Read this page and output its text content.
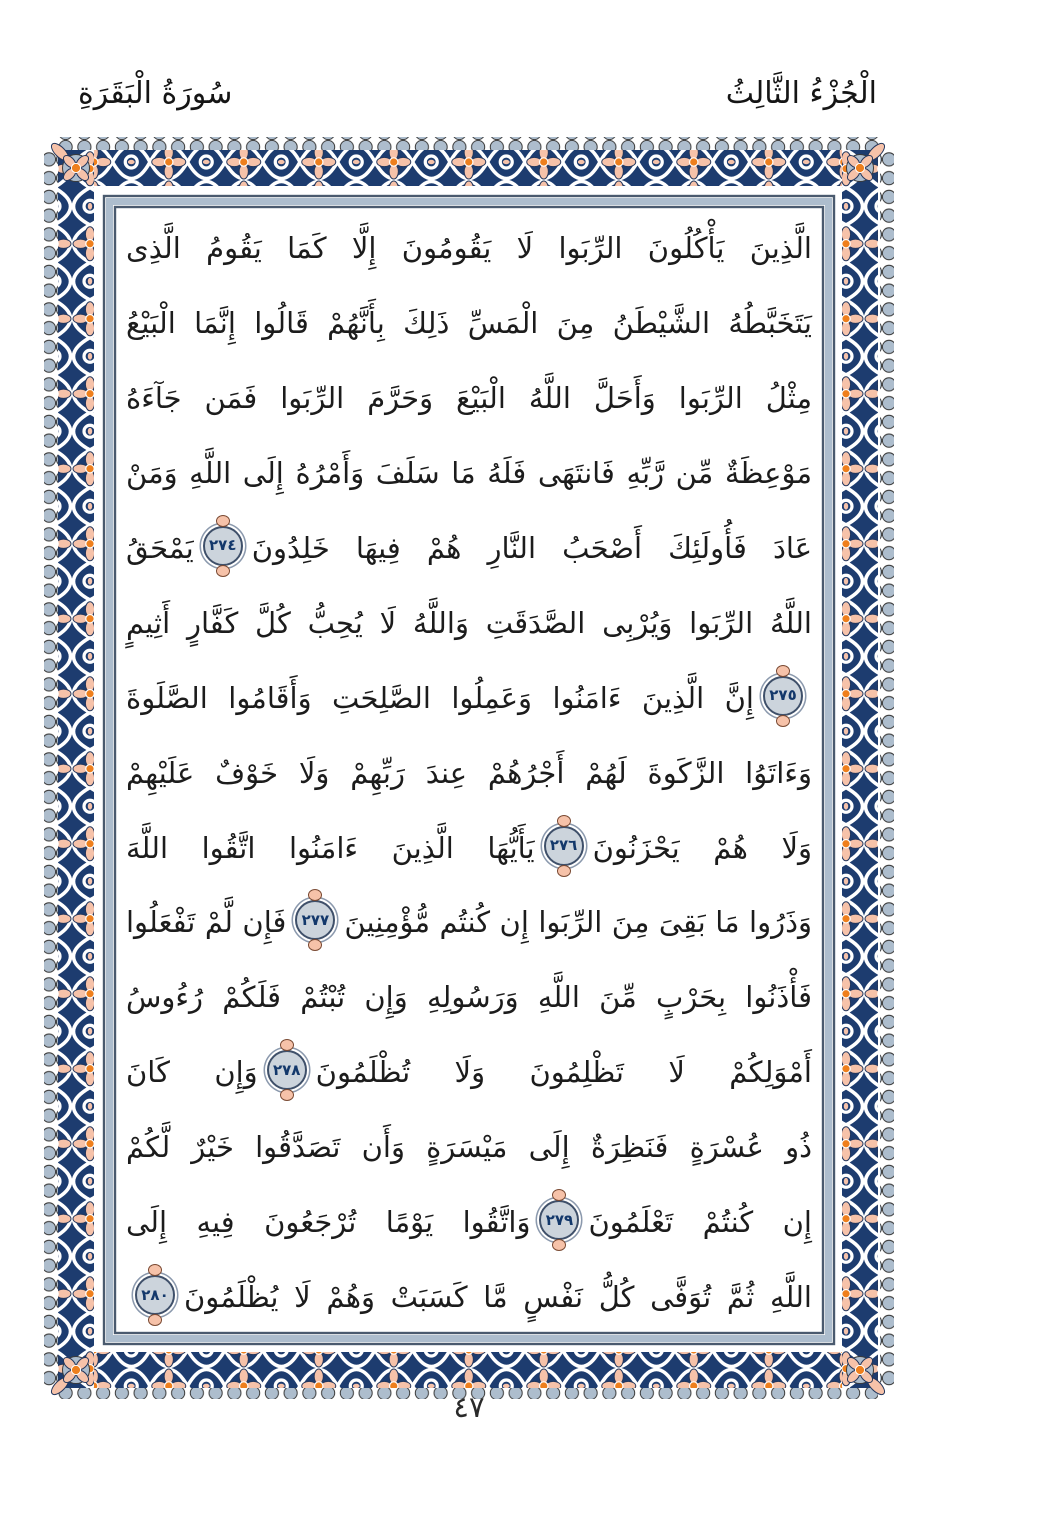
سُورَةُ الْبَقَرَةِ	الْجُزْءُ الثَّالِثُ
الَّذِينَ يَأْكُلُونَ الرِّبَوا لَا يَقُومُونَ إِلَّا كَمَا يَقُومُ الَّذِى
يَتَخَبَّطُهُ الشَّيْطَنُ مِنَ الْمَسِّ ذَلِكَ بِأَنَّهُمْ قَالُوا إِنَّمَا الْبَيْعُ
مِثْلُ الرِّبَوا وَأَحَلَّ اللَّهُ الْبَيْعَ وَحَرَّمَ الرِّبَوا فَمَن جَآءَهُ
مَوْعِظَةٌ مِّن رَّبِّهِ فَانتَهَى فَلَهُ مَا سَلَفَ وَأَمْرُهُ إِلَى اللَّهِ وَمَنْ
عَادَ فَأُولَئِكَ أَصْحَبُ النَّارِ هُمْ فِيهَا خَلِدُونَ٢٧٤يَمْحَقُ
اللَّهُ الرِّبَوا وَيُرْبِى الصَّدَقَتِ وَاللَّهُ لَا يُحِبُّ كُلَّ كَفَّارٍ أَثِيمٍ
٢٧٥إِنَّ الَّذِينَ ءَامَنُوا وَعَمِلُوا الصَّلِحَتِ وَأَقَامُوا الصَّلَوةَ
وَءَاتَوُا الزَّكَوةَ لَهُمْ أَجْرُهُمْ عِندَ رَبِّهِمْ وَلَا خَوْفٌ عَلَيْهِمْ
وَلَا هُمْ يَحْزَنُونَ٢٧٦يَأَيُّهَا الَّذِينَ ءَامَنُوا اتَّقُوا اللَّهَ
وَذَرُوا مَا بَقِىَ مِنَ الرِّبَوا إِن كُنتُم مُّؤْمِنِينَ٢٧٧فَإِن لَّمْ تَفْعَلُوا
فَأْذَنُوا بِحَرْبٍ مِّنَ اللَّهِ وَرَسُولِهِ وَإِن تُبْتُمْ فَلَكُمْ رُءُوسُ
أَمْوَلِكُمْ لَا تَظْلِمُونَ وَلَا تُظْلَمُونَ٢٧٨وَإِن كَانَ
ذُو عُسْرَةٍ فَنَظِرَةٌ إِلَى مَيْسَرَةٍ وَأَن تَصَدَّقُوا خَيْرٌ لَّكُمْ
إِن كُنتُمْ تَعْلَمُونَ٢٧٩وَاتَّقُوا يَوْمًا تُرْجَعُونَ فِيهِ إِلَى
اللَّهِ ثُمَّ تُوَفَّى كُلُّ نَفْسٍ مَّا كَسَبَتْ وَهُمْ لَا يُظْلَمُونَ٢٨٠
٤٧
